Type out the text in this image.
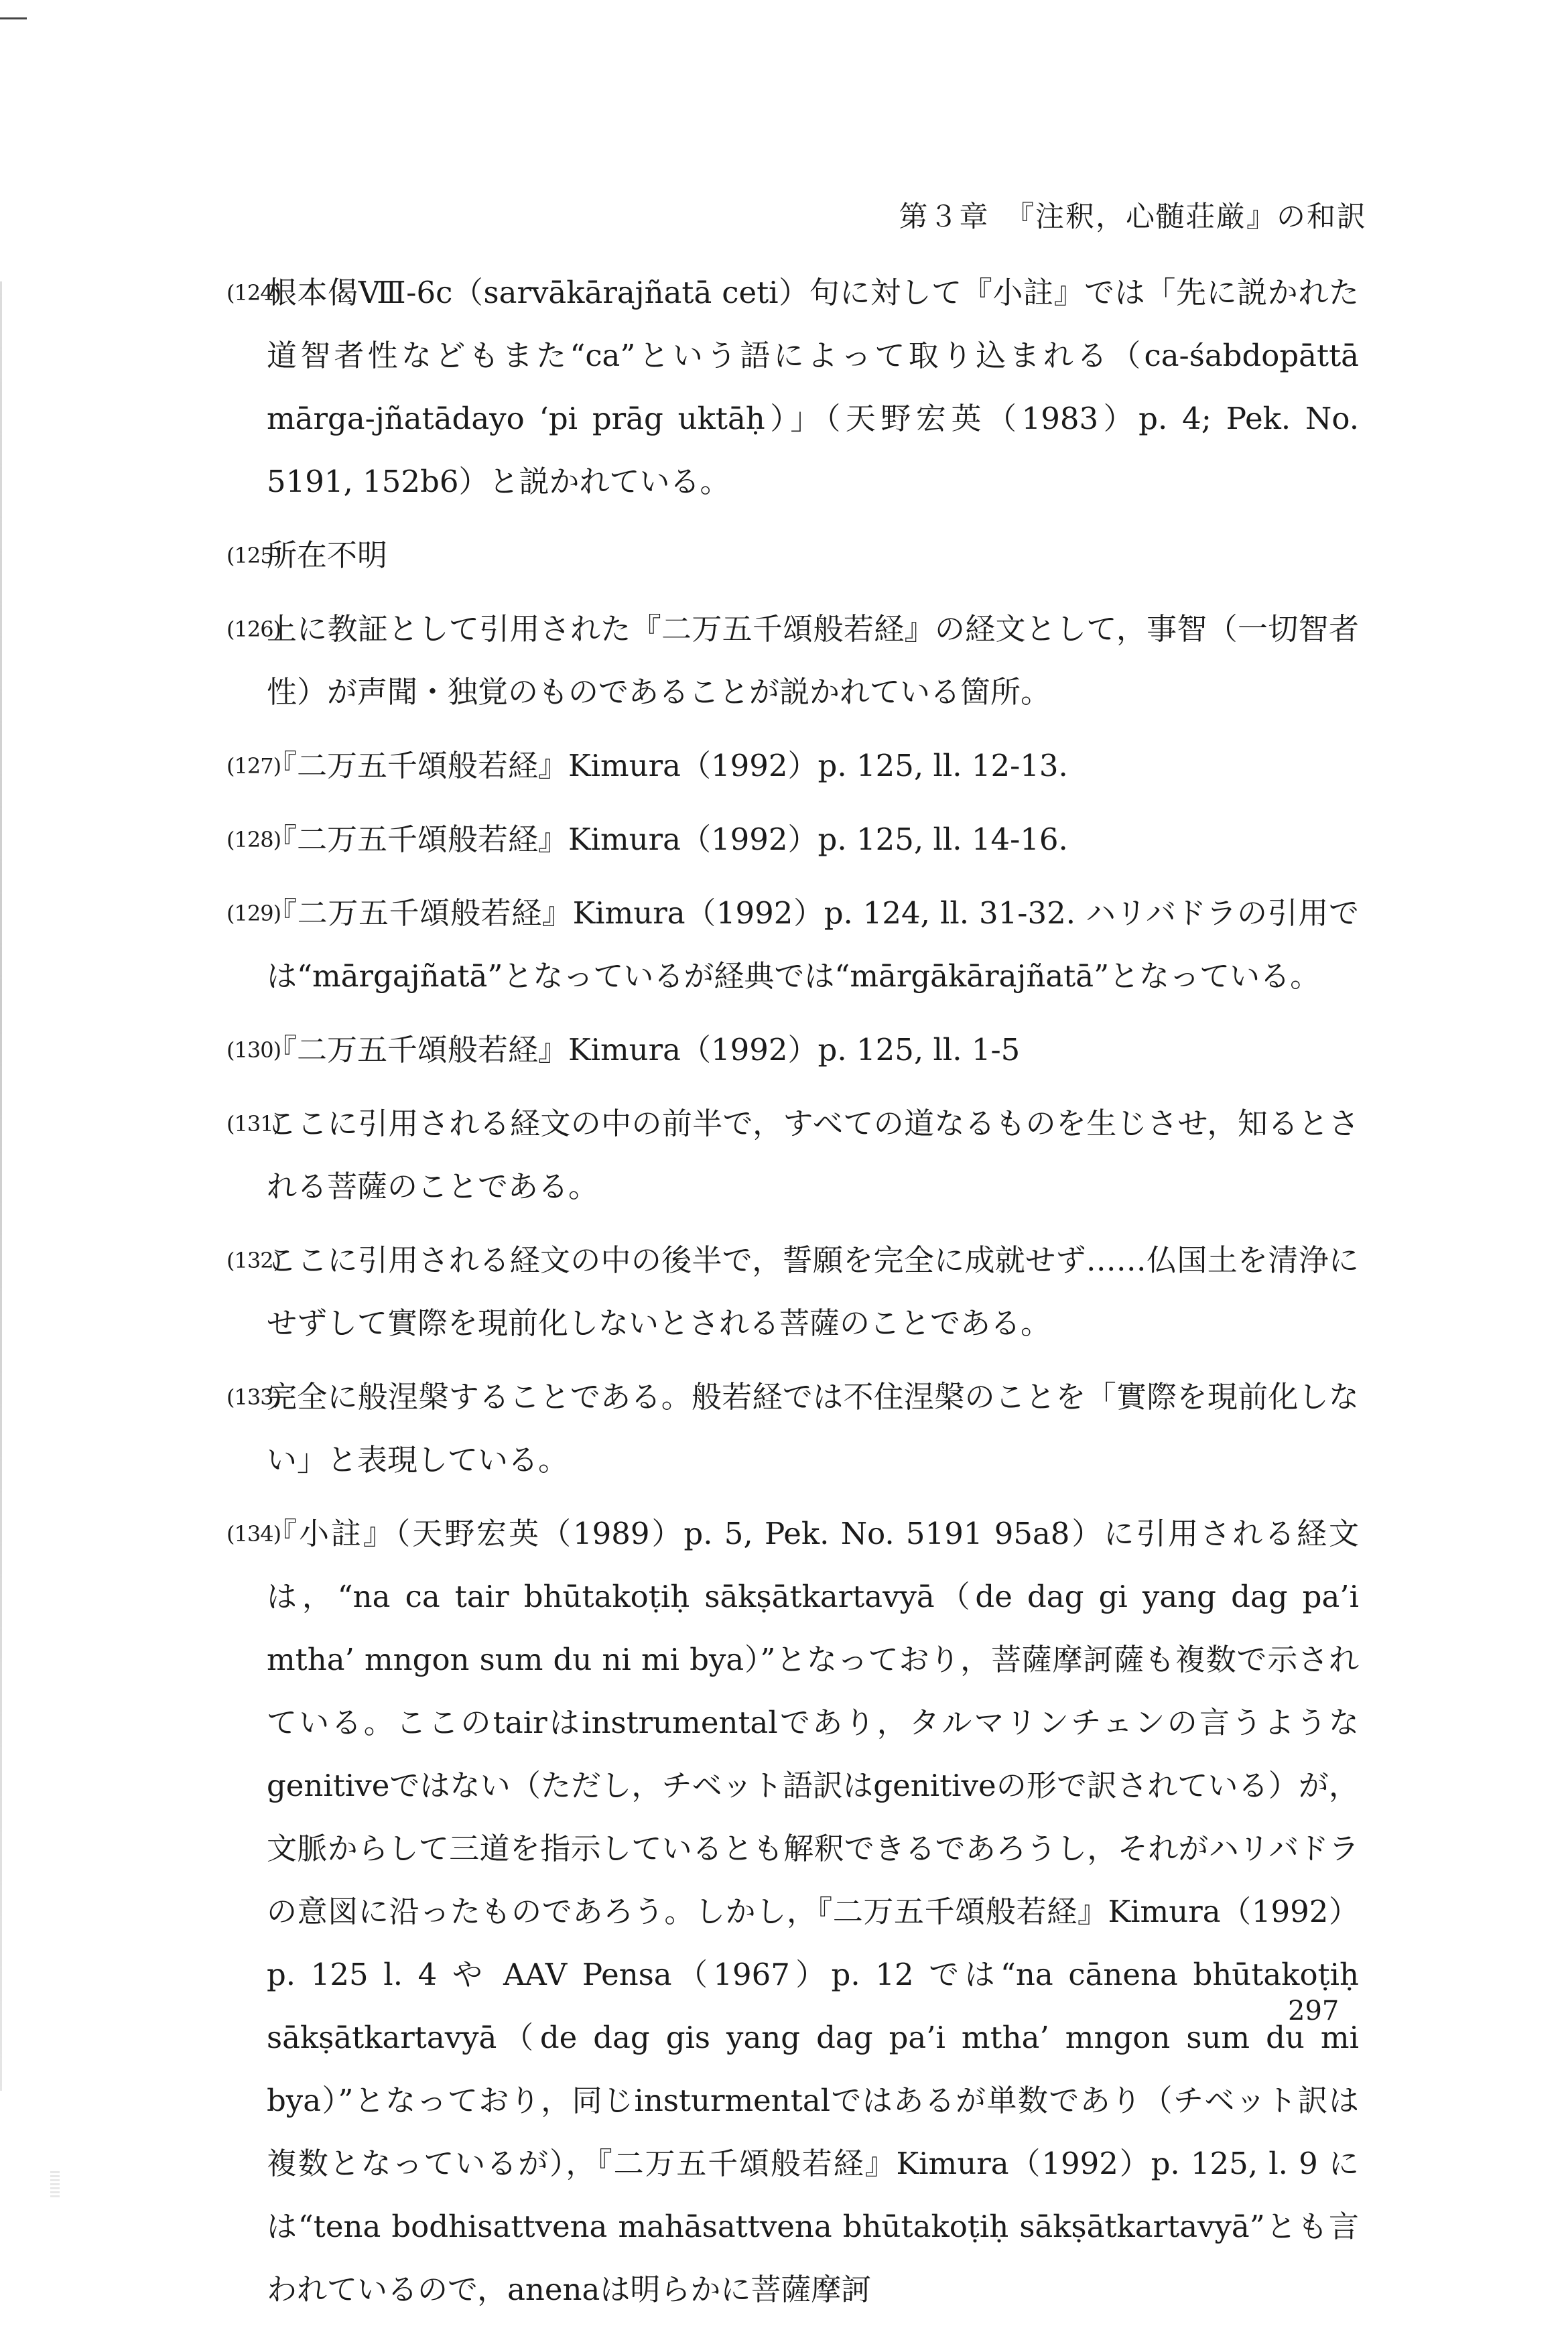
第３章　『注釈，心髄荘厳』の和訳
(124)
根本偈Ⅷ-6c（sarvākārajñatā ceti）句に対して『小註』では「先に説かれた道智者性などもまた“ca”という語によって取り込まれる（ca-śabdopāttā mārga-jñatādayo ‘pi prāg uktāḥ）」（天野宏英（1983）p. 4; Pek. No. 5191, 152b6）と説かれている。
(125)
所在不明
(126)
上に教証として引用された『二万五千頌般若経』の経文として，事智（一切智者性）が声聞・独覚のものであることが説かれている箇所。
(127)
『二万五千頌般若経』Kimura（1992）p. 125, ll. 12-13.
(128)
『二万五千頌般若経』Kimura（1992）p. 125, ll. 14-16.
(129)
『二万五千頌般若経』Kimura（1992）p. 124, ll. 31-32. ハリバドラの引用では“mārgajñatā”となっているが経典では“mārgākārajñatā”となっている。
(130)
『二万五千頌般若経』Kimura（1992）p. 125, ll. 1-5
(131)
ここに引用される経文の中の前半で，すべての道なるものを生じさせ，知るとされる菩薩のことである。
(132)
ここに引用される経文の中の後半で，誓願を完全に成就せず……仏国土を清浄にせずして實際を現前化しないとされる菩薩のことである。
(133)
完全に般涅槃することである。般若経では不住涅槃のことを「實際を現前化しない」と表現している。
(134)
『小註』（天野宏英（1989）p. 5, Pek. No. 5191 95a8）に引用される経文は，“na ca tair bhūtakoṭiḥ sākṣātkartavyā（de dag gi yang dag pa’i mtha’ mngon sum du ni mi bya）”となっており，菩薩摩訶薩も複数で示されている。ここのtairはinstrumentalであり，タルマリンチェンの言うようなgenitiveではない（ただし，チベット語訳はgenitiveの形で訳されている）が，文脈からして三道を指示しているとも解釈できるであろうし，それがハリバドラの意図に沿ったものであろう。しかし，『二万五千頌般若経』Kimura（1992）p. 125 l. 4 や AAV Pensa（1967）p. 12 では“na cānena bhūtakoṭiḥ sākṣātkartavyā（de dag gis yang dag pa’i mtha’ mngon sum du mi bya）”となっており，同じinsturmentalではあるが単数であり（チベット訳は複数となっているが），『二万五千頌般若経』Kimura（1992）p. 125, l. 9 には“tena bodhisattvena mahāsattvena bhūtakoṭiḥ sākṣātkartavyā”とも言われているので，anenaは明らかに菩薩摩訶
297
